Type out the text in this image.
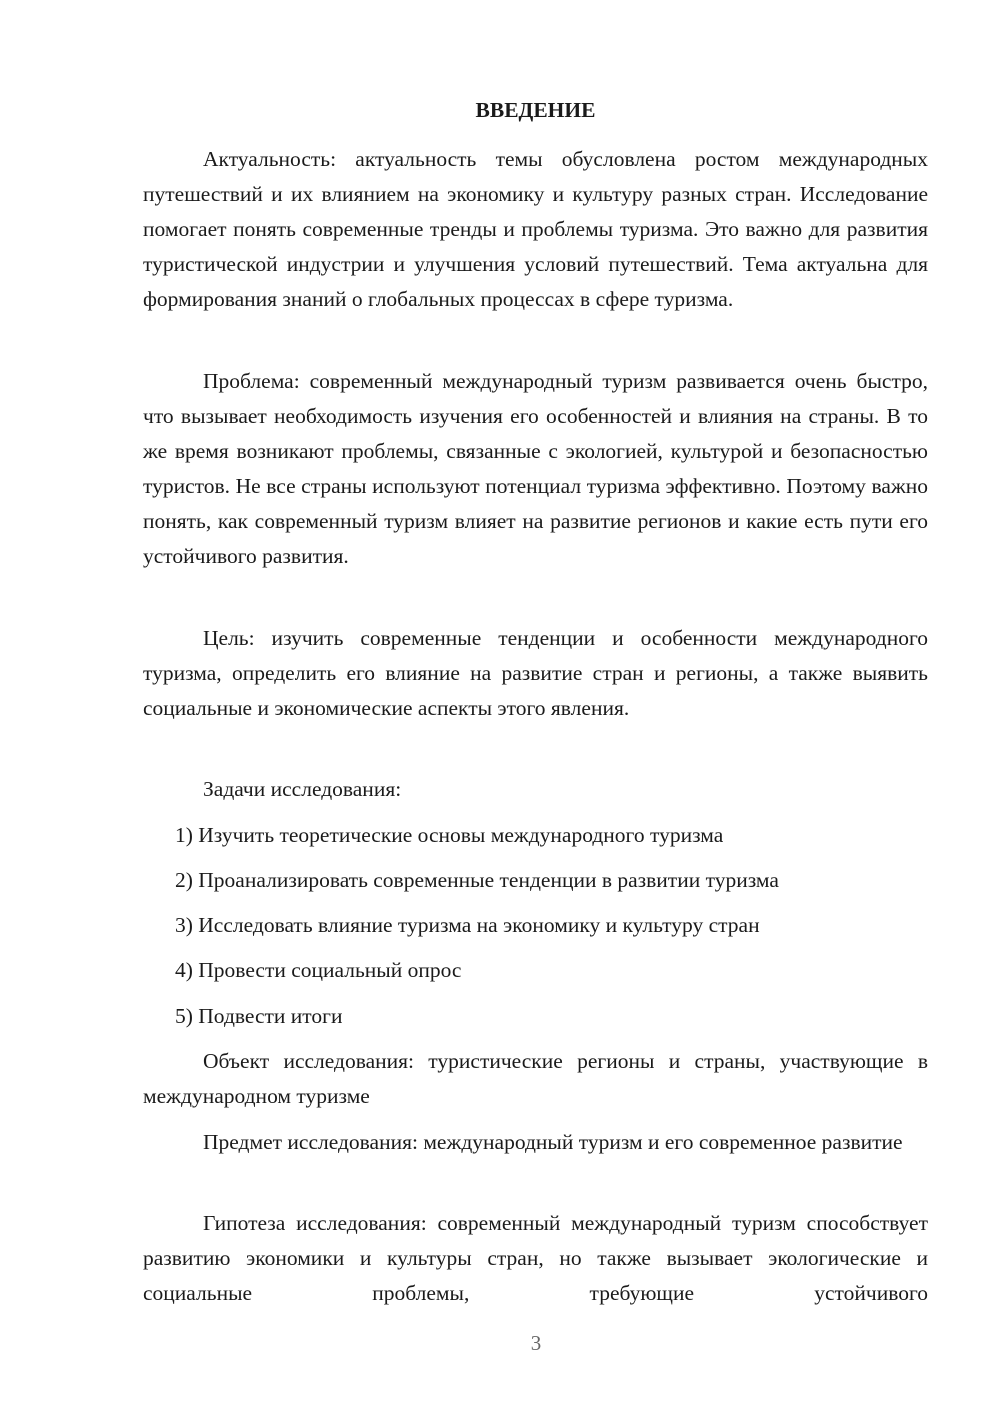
ВВЕДЕНИЕ

Актуальность: актуальность темы обусловлена ростом международных путешествий и их влиянием на экономику и культуру разных стран. Исследование помогает понять современные тренды и проблемы туризма. Это важно для развития туристической индустрии и улучшения условий путешествий. Тема актуальна для формирования знаний о глобальных процессах в сфере туризма.

Проблема: современный международный туризм развивается очень быстро, что вызывает необходимость изучения его особенностей и влияния на страны. В то же время возникают проблемы, связанные с экологией, культурой и безопасностью туристов. Не все страны используют потенциал туризма эффективно. Поэтому важно понять, как современный туризм влияет на развитие регионов и какие есть пути его устойчивого развития.

Цель: изучить современные тенденции и особенности международного туризма, определить его влияние на развитие стран и регионы, а также выявить социальные и экономические аспекты этого явления.

Задачи исследования:
1) Изучить теоретические основы международного туризма
2) Проанализировать современные тенденции в развитии туризма
3) Исследовать влияние туризма на экономику и культуру стран
4) Провести социальный опрос
5) Подвести итоги

Объект исследования: туристические регионы и страны, участвующие в международном туризме

Предмет исследования: международный туризм и его современное развитие

Гипотеза исследования: современный международный туризм способствует развитию экономики и культуры стран, но также вызывает экологические и социальные проблемы, требующие устойчивого

3
